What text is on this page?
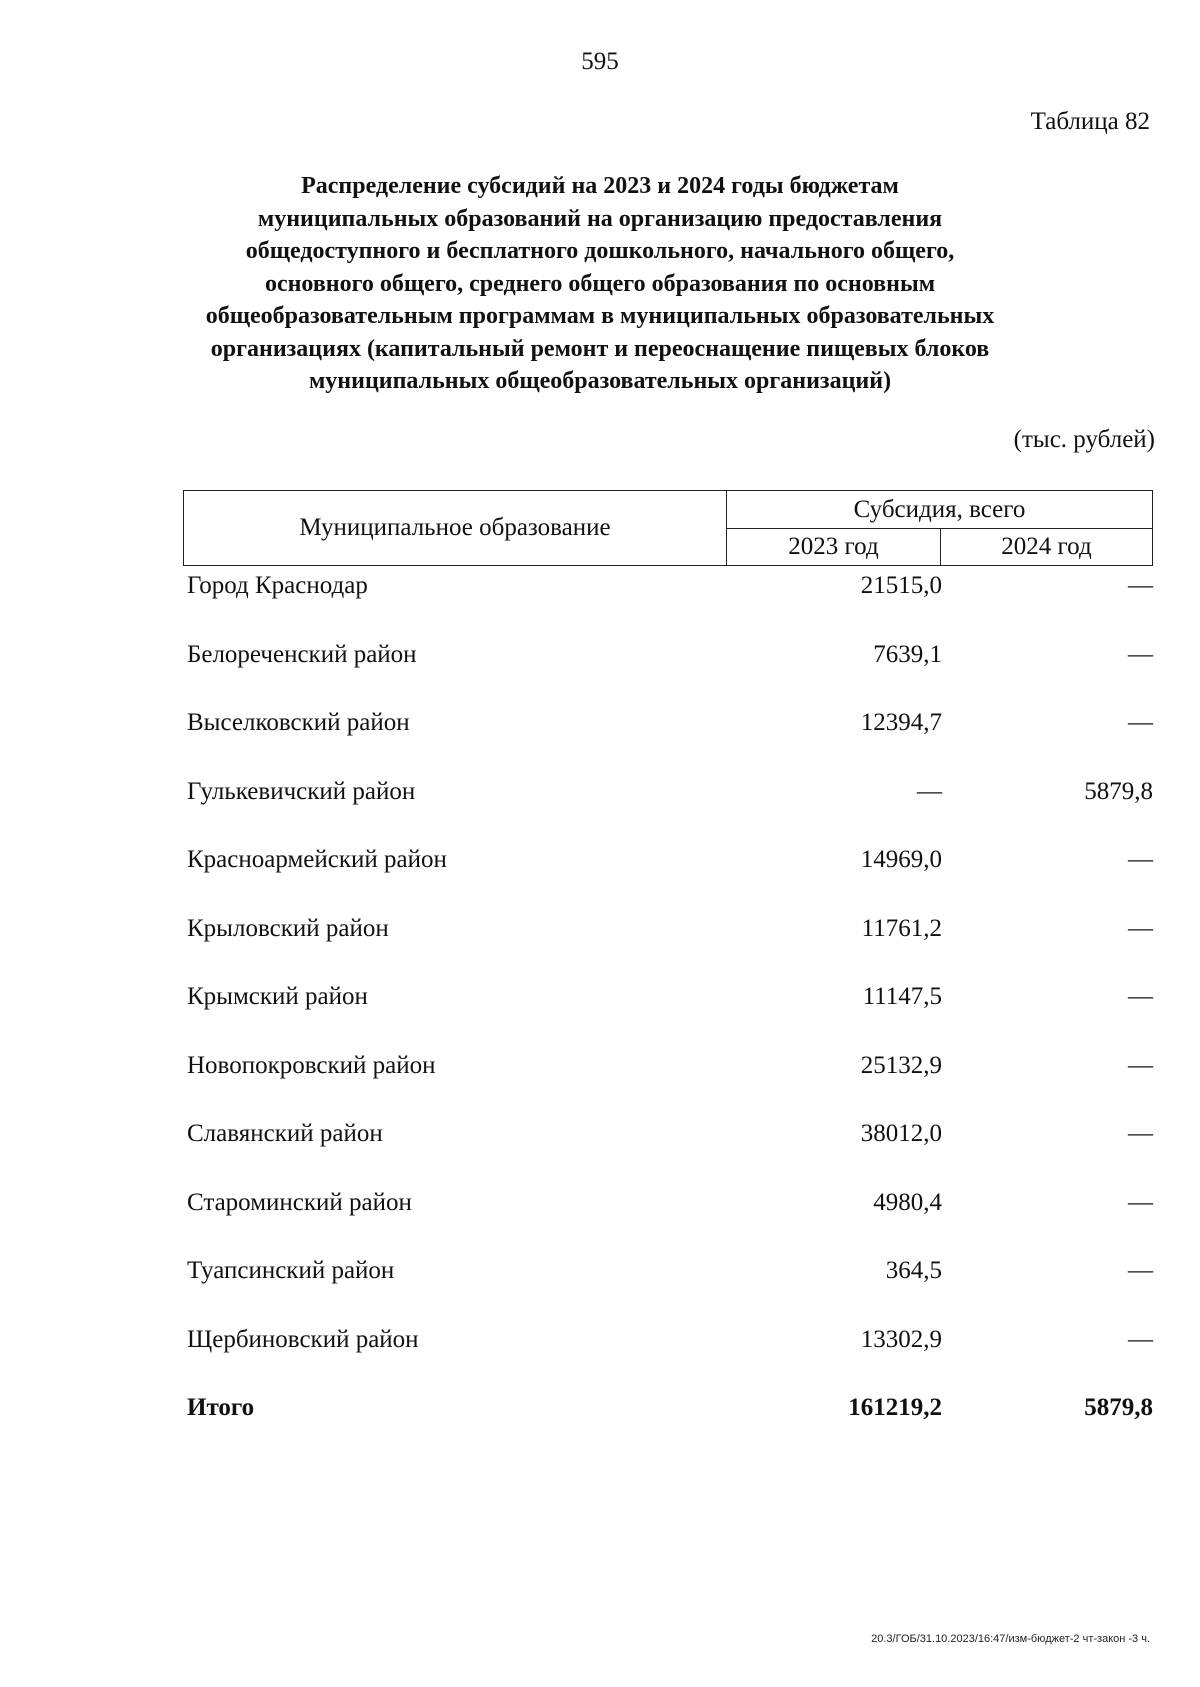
595
Таблица 82
Распределение субсидий на 2023 и 2024 годы бюджетам
муниципальных образований на организацию предоставления
общедоступного и бесплатного дошкольного, начального общего,
основного общего, среднего общего образования по основным
общеобразовательным программам в муниципальных образовательных
организациях (капитальный ремонт и переоснащение пищевых блоков
муниципальных общеобразовательных организаций)
(тыс. рублей)
Муниципальное образование
Субсидия, всего
2023 год	2024 год
Город Краснодар	21515,0	—
Белореченский район	7639,1	—
Выселковский район	12394,7	—
Гулькевичский район	—	5879,8
Красноармейский район	14969,0	—
Крыловский район	11761,2	—
Крымский район	11147,5	—
Новопокровский район	25132,9	—
Славянский район	38012,0	—
Староминский район	4980,4	—
Туапсинский район	364,5	—
Щербиновский район	13302,9	—
Итого	161219,2	5879,8
20.3/ГОБ/31.10.2023/16:47/изм-бюджет-2 чт-закон -3 ч.
